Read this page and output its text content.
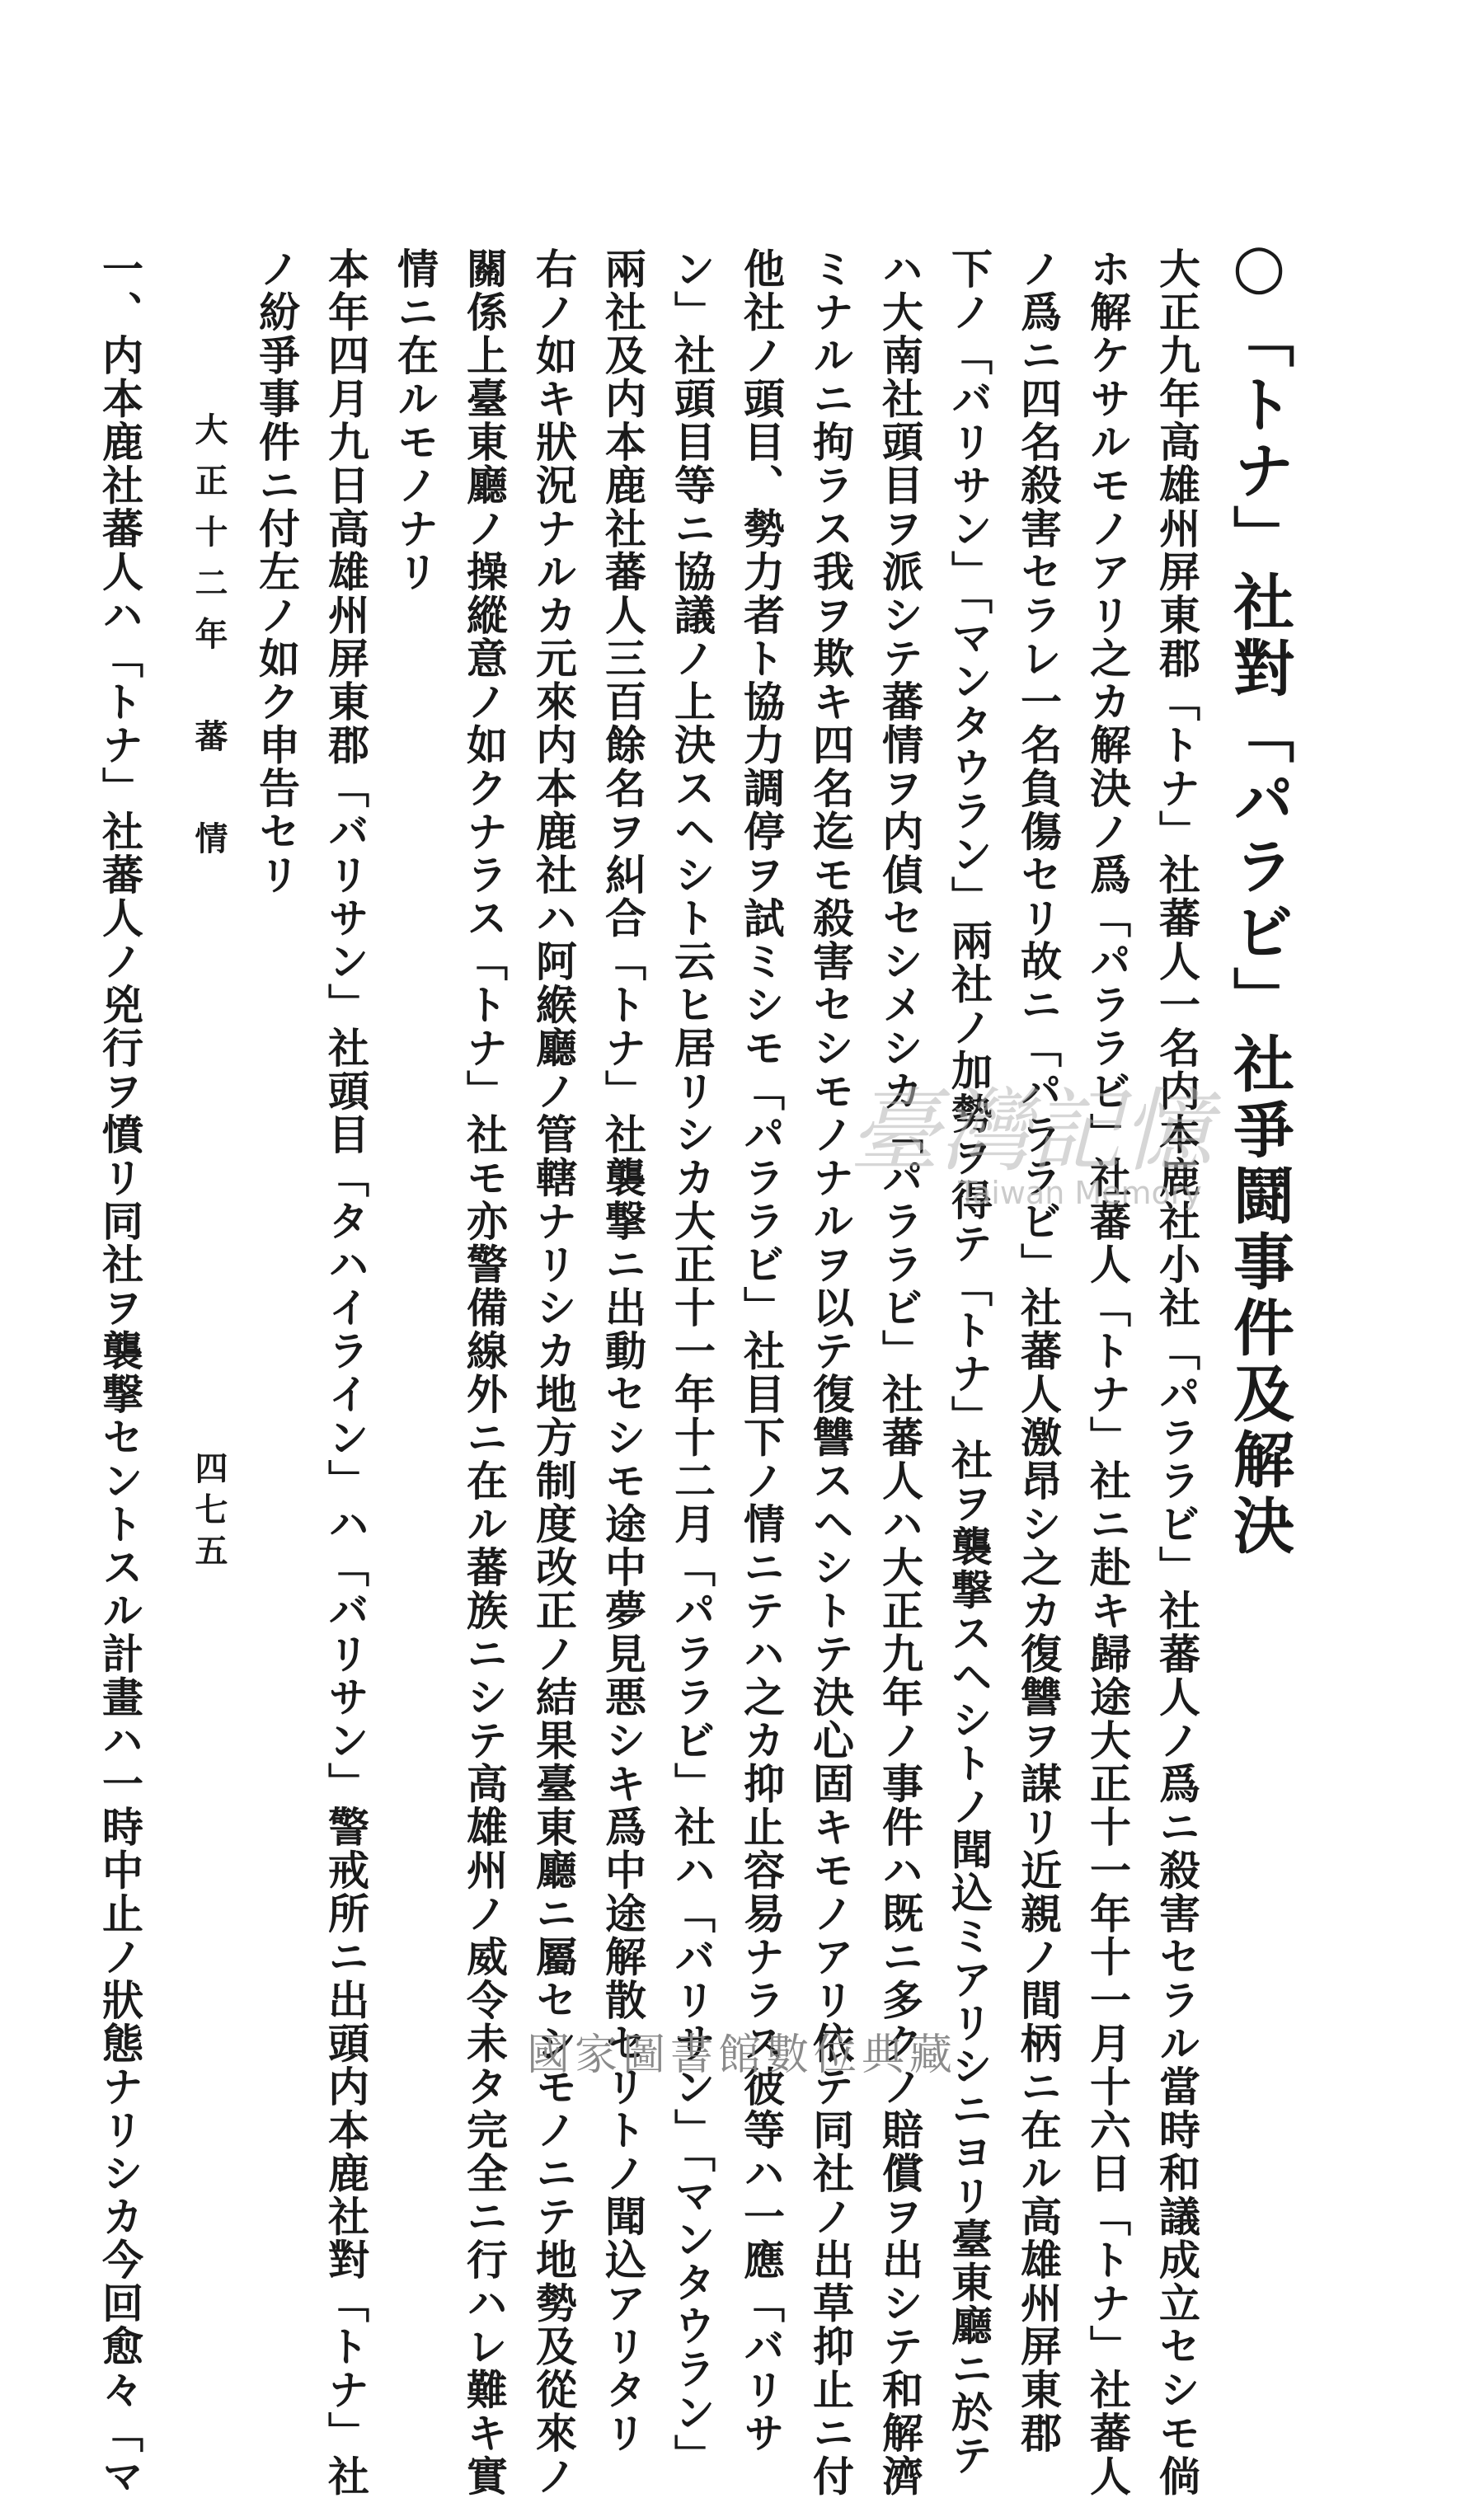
○「トナ」社對「パラビ」社爭鬪事件及解決
大正九年高雄州屏東郡「トナ」社蕃人一名内本鹿社小社「パララビ」社蕃人ノ爲ニ殺害セラル當時和議成立セシモ倘
ホ解ケサルモノアリ之カ解決ノ爲「パララビ」社蕃人「トナ」社ニ赴キ歸途大正十一年十一月十六日「トナ」社蕃人
ノ爲ニ四名殺害セラレ一名負傷セリ故ニ「パララビ」社蕃人激昂シ之カ復讐ヲ謀リ近親ノ間柄ニ在ル高雄州屏東郡
下ノ「バリサン」「マンタウラン」兩社ノ加勢ヲ得テ「トナ」社ヲ襲撃スヘシトノ聞込ミアリシニヨリ臺東廳ニ於テ
ハ大南社頭目ヲ派シテ蕃情ヲ内偵セシメシカ「パララビ」社蕃人ハ大正九年ノ事件ハ既ニ多クノ賠償ヲ出シテ和解濟
ミナルニ拘ラス我ヲ欺キ四名迄モ殺害セシモノナルヲ以テ復讐スヘシトテ決心固キモノアリ依テ同社ノ出草抑止ニ付
他社ノ頭目、勢力者ト協力調停ヲ試ミシモ「パララビ」社目下ノ情ニテハ之カ抑止容易ナラス彼等ハ一應「バリサ
ン」社頭目等ニ協議ノ上決スヘシト云ヒ居リシカ大正十一年十二月「パララビ」社ハ「バリサン」「マンタウラン」
兩社及内本鹿社蕃人三百餘名ヲ糾合「トナ」社襲撃ニ出動セシモ途中夢見悪シキ爲中途解散セリトノ聞込アリタリ
右ノ如キ狀況ナルカ元來内本鹿社ハ阿緱廳ノ管轄ナリシカ地方制度改正ノ結果臺東廳ニ屬セシモノニテ地勢及從來ノ
關係上臺東廳ノ操縱意ノ如クナラス「トナ」社モ亦警備線外ニ在ル蕃族ニシテ高雄州ノ威令未タ完全ニ行ハレ難キ實
情ニ在ルモノナリ
本年四月九日高雄州屏東郡「バリサン」社頭目「タハイライン」ハ「バリサン」警戒所ニ出頭内本鹿社對「トナ」社
ノ紛爭事件ニ付左ノ如ク申告セリ
一、内本鹿社蕃人ハ「トナ」社蕃人ノ兇行ヲ憤リ同社ヲ襲撃セントスル計畫ハ一時中止ノ狀態ナリシカ今回愈々「マ 大正十二年　蕃　情
四七五
臺灣記憶
Taiwan Memory
國家圖書館數位典藏
